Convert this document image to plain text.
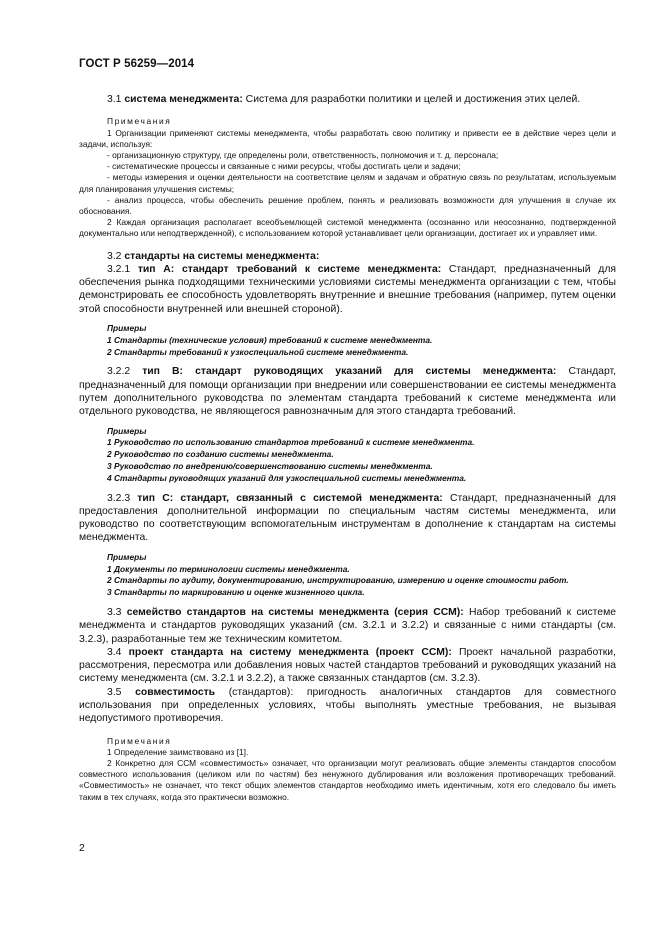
ГОСТ Р 56259—2014

3.1 система менеджмента: Система для разработки политики и целей и достижения этих целей.

Примечания

1 Организации применяют системы менеджмента, чтобы разработать свою политику и привести ее в действие через цели и задачи, используя:

- организационную структуру, где определены роли, ответственность, полномочия и т. д. персонала;

- систематические процессы и связанные с ними ресурсы, чтобы достигать цели и задачи;

- методы измерения и оценки деятельности на соответствие целям и задачам и обратную связь по результатам, используемым для планирования улучшения системы;

- анализ процесса, чтобы обеспечить решение проблем, понять и реализовать возможности для улучшения в случае их обоснования.

2 Каждая организация располагает всеобъемлющей системой менеджмента (осознанно или неосознанно, подтвержденной документально или неподтвержденной), с использованием которой устанавливает цели организации, достигает их и управляет ими.

3.2 стандарты на системы менеджмента:

3.2.1 тип А: стандарт требований к системе менеджмента: Стандарт, предназначенный для обеспечения рынка подходящими техническими условиями системы менеджмента организации с тем, чтобы демонстрировать ее способность удовлетворять внутренние и внешние требования (например, путем оценки этой способности внутренней или внешней стороной).

Примеры

1 Стандарты (технические условия) требований к системе менеджмента.

2 Стандарты требований к узкоспециальной системе менеджмента.

3.2.2 тип В: стандарт руководящих указаний для системы менеджмента: Стандарт, предназначенный для помощи организации при внедрении или совершенствовании ее системы менеджмента путем дополнительного руководства по элементам стандарта требований к системе менеджмента или отдельного руководства, не являющегося равнозначным для этого стандарта требований.

Примеры

1 Руководство по использованию стандартов требований к системе менеджмента.

2 Руководство по созданию системы менеджмента.

3 Руководство по внедрению/совершенствованию системы менеджмента.

4 Стандарты руководящих указаний для узкоспециальной системы менеджмента.

3.2.3 тип С: стандарт, связанный с системой менеджмента: Стандарт, предназначенный для предоставления дополнительной информации по специальным частям системы менеджмента, или руководство по соответствующим вспомогательным инструментам в дополнение к стандартам на системы менеджмента.

Примеры

1 Документы по терминологии системы менеджмента.

2 Стандарты по аудиту, документированию, инструктированию, измерению и оценке стоимости работ.

3 Стандарты по маркированию и оценке жизненного цикла.

3.3 семейство стандартов на системы менеджмента (серия ССМ): Набор требований к системе менеджмента и стандартов руководящих указаний (см. 3.2.1 и 3.2.2) и связанные с ними стандарты (см. 3.2.3), разработанные тем же техническим комитетом.

3.4 проект стандарта на систему менеджмента (проект ССМ): Проект начальной разработки, рассмотрения, пересмотра или добавления новых частей стандартов требований и руководящих указаний на систему менеджмента (см. 3.2.1 и 3.2.2), а также связанных стандартов (см. 3.2.3).

3.5 совместимость (стандартов): пригодность аналогичных стандартов для совместного использования при определенных условиях, чтобы выполнять уместные требования, не вызывая недопустимого противоречия.

Примечания

1 Определение заимствовано из [1].

2 Конкретно для ССМ «совместимость» означает, что организации могут реализовать общие элементы стандартов способом совместного использования (целиком или по частям) без ненужного дублирования или возложения противоречащих требований. «Совместимость» не означает, что текст общих элементов стандартов необходимо иметь идентичным, хотя его следовало бы иметь таким в тех случаях, когда это практически возможно.

2
